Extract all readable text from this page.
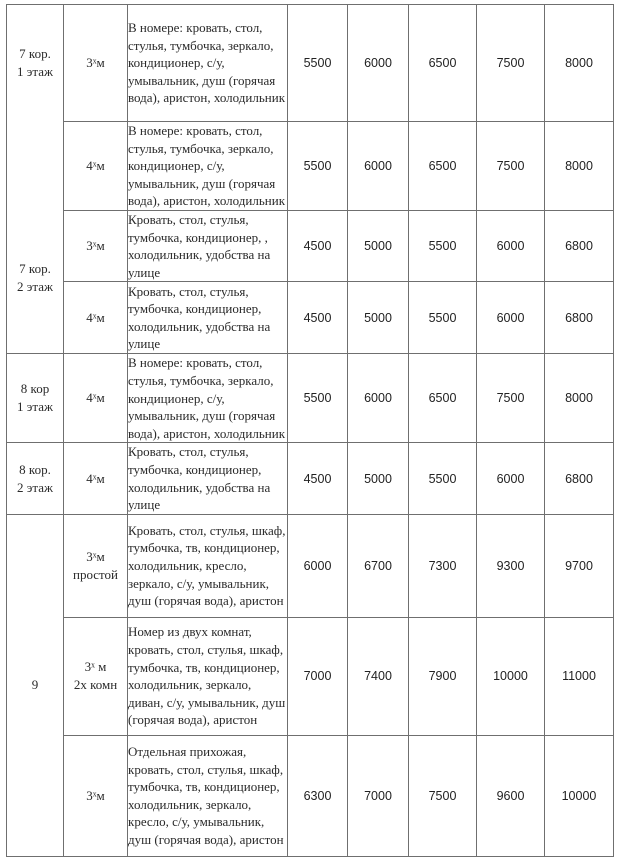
7 кор.
1 этаж	3ˣм	В номере: кровать, стол, стулья, тумбочка, зеркало, кондиционер, с/у, умывальник, душ (горячая вода), аристон, холодильник	5500	6000	6500	7500	8000

	4ˣм	В номере: кровать, стол, стулья, тумбочка, зеркало, кондиционер, с/у, умывальник, душ (горячая вода), аристон, холодильник	5500	6000	6500	7500	8000

	3ˣм	Кровать, стол, стулья, тумбочка, кондиционер, , холодильник, удобства на улице	4500	5000	5500	6000	6800

7 кор.
2 этаж	4ˣм	Кровать, стол, стулья, тумбочка, кондиционер, холодильник, удобства на улице	4500	5000	5500	6000	6800

8 кор
1 этаж	4ˣм	В номере: кровать, стол, стулья, тумбочка, зеркало, кондиционер, с/у, умывальник, душ (горячая вода), аристон, холодильник	5500	6000	6500	7500	8000

8 кор.
2 этаж	4ˣм	Кровать, стол, стулья, тумбочка, кондиционер, холодильник, удобства на улице	4500	5000	5500	6000	6800

9	3ˣм
простой	Кровать, стол, стулья, шкаф, тумбочка, тв, кондиционер, холодильник, кресло, зеркало, с/у, умывальник, душ (горячая вода), аристон	6000	6700	7300	9300	9700

	3ˣ м
2х комн	Номер из двух комнат, кровать, стол, стулья, шкаф, тумбочка, тв, кондиционер, холодильник, зеркало, диван, с/у, умывальник, душ (горячая вода), аристон	7000	7400	7900	10000	11000

	3ˣм	Отдельная прихожая, кровать, стол, стулья, шкаф, тумбочка, тв, кондиционер, холодильник, зеркало, кресло, с/у, умывальник, душ (горячая вода), аристон	6300	7000	7500	9600	10000
